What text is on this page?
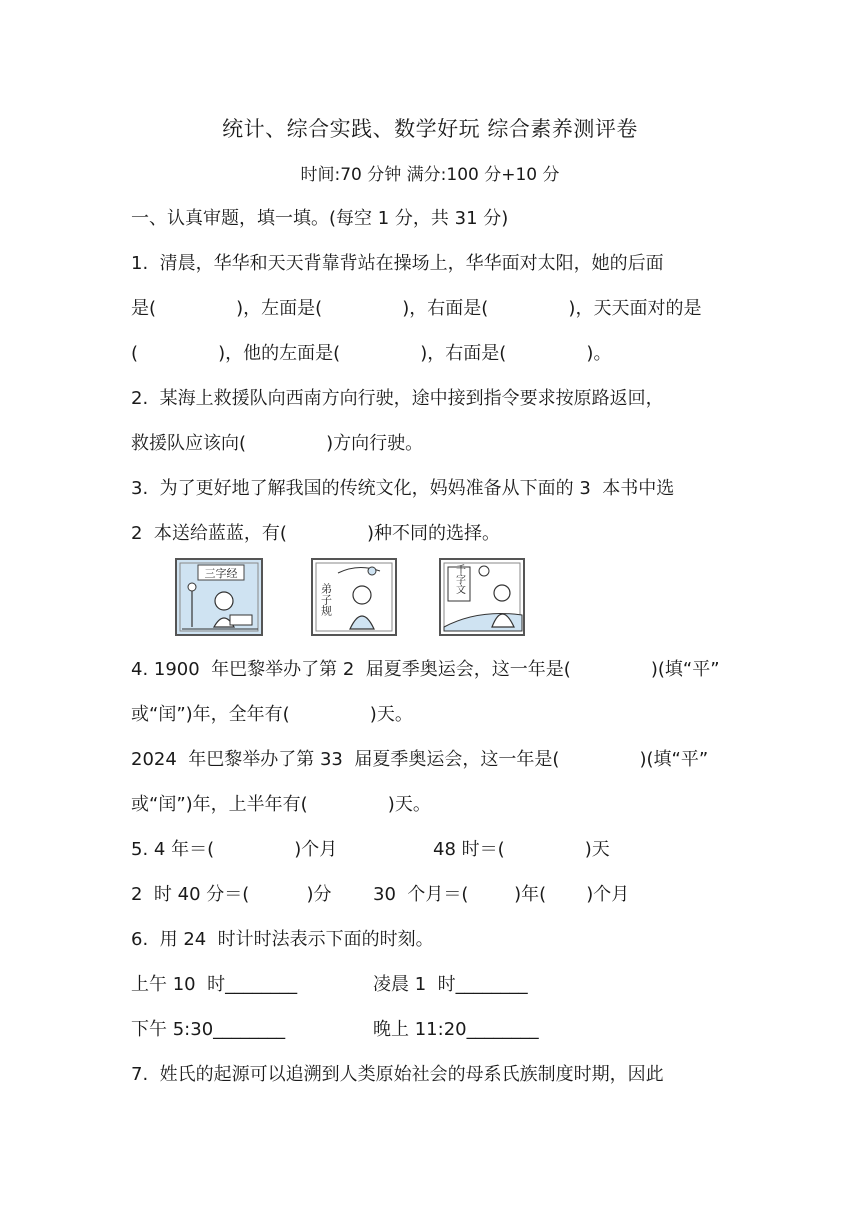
统计、综合实践、数学好玩 综合素养测评卷
时间:70 分钟 满分:100 分+10 分
一、认真审题，填一填。(每空 1 分，共 31 分)
1.  清晨，华华和天天背靠背站在操场上，华华面对太阳，她的后面
是(              )，左面是(              )，右面是(              )，天天面对的是
(              )，他的左面是(              )，右面是(              )。
2.  某海上救援队向西南方向行驶，途中接到指令要求按原路返回，
救援队应该向(              )方向行驶。
3.  为了更好地了解我国的传统文化，妈妈准备从下面的 3  本书中选
2  本送给蓝蓝，有(              )种不同的选择。
三字经
弟子规
千字文
4. 1900  年巴黎举办了第 2  届夏季奥运会，这一年是(              )(填“平”
或“闰”)年，全年有(              )天。
2024  年巴黎举办了第 33  届夏季奥运会，这一年是(              )(填“平”
或“闰”)年，上半年有(              )天。
5. 4 年＝(              )个月	48 时＝(              )天
2  时 40 分＝(          )分 30  个月＝(        )年(       )个月
6.  用 24  时计时法表示下面的时刻。
上午 10  时________	凌晨 1  时________
下午 5:30________	晚上 11:20________
7.  姓氏的起源可以追溯到人类原始社会的母系氏族制度时期，因此
